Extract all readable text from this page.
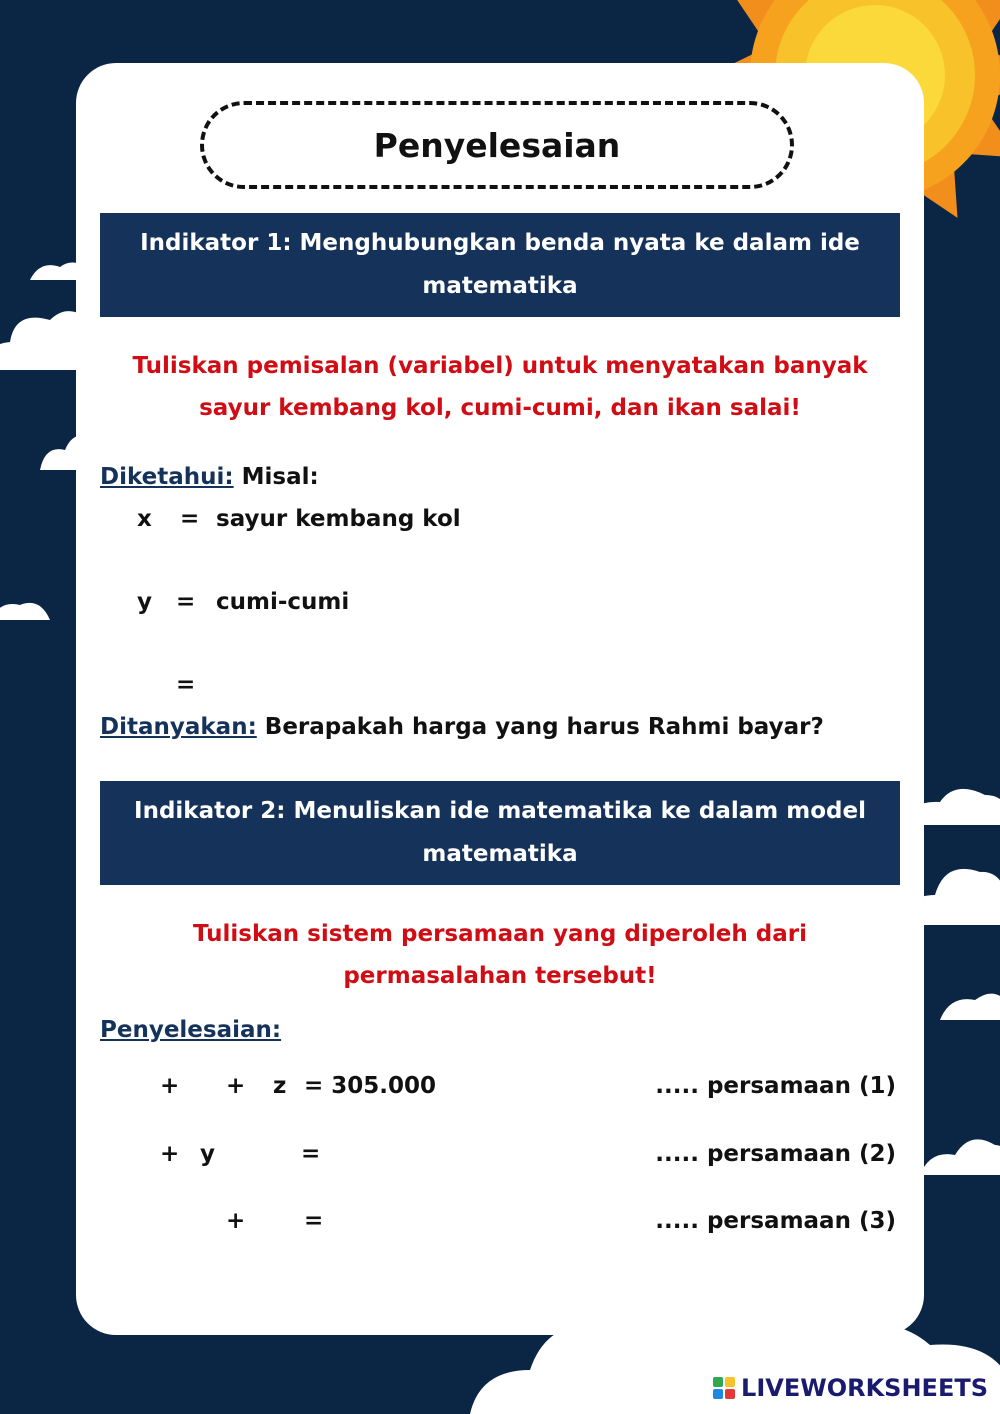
Penyelesaian
Indikator 1: Menghubungkan benda nyata ke dalam ide
matematika
Tuliskan pemisalan (variabel) untuk menyatakan banyak
sayur kembang kol, cumi-cumi, dan ikan salai!
Diketahui: Misal:
x = sayur kembang kol
y = cumi-cumi
=
Ditanyakan: Berapakah harga yang harus Rahmi bayar?
Indikator 2: Menuliskan ide matematika ke dalam model
matematika
Tuliskan sistem persamaan yang diperoleh dari
permasalahan tersebut!
Penyelesaian:
+ + z = 305.000	..... persamaan (1)
+ y	=	..... persamaan (2)
+	=	..... persamaan (3)
LIVEWORKSHEETS
